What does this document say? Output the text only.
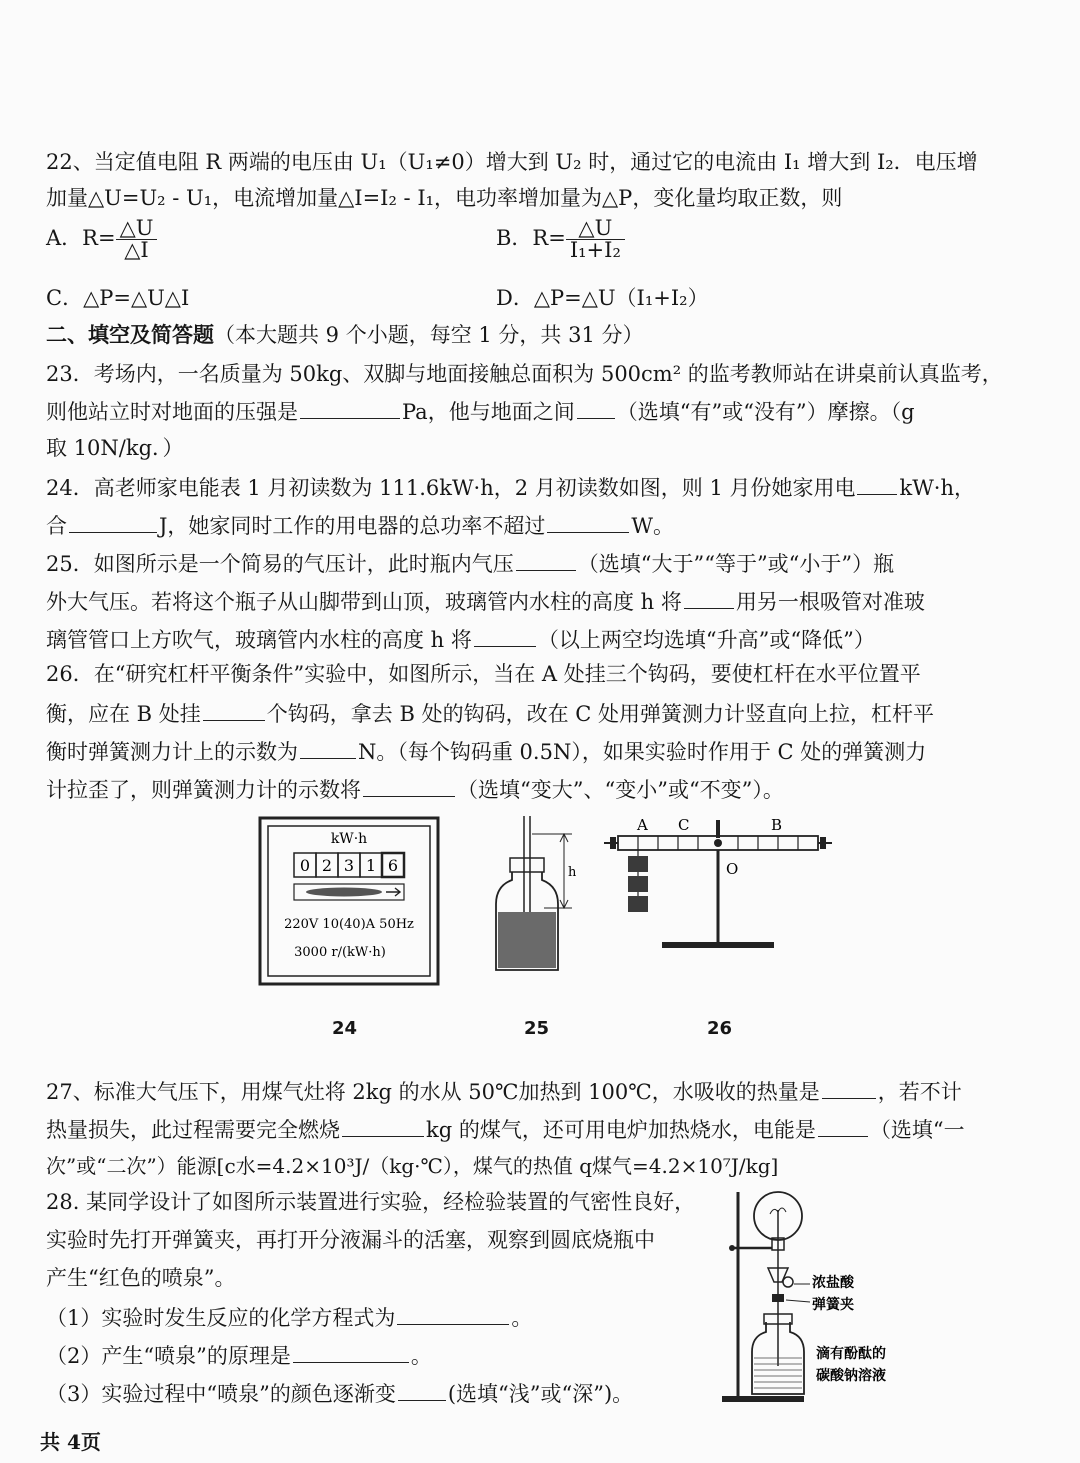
22、当定值电阻 R 两端的电压由 U₁（U₁≠0）增大到 U₂ 时，通过它的电流由 I₁ 增大到 I₂．电压增
加量△U=U₂ - U₁，电流增加量△I=I₂ - I₁，电功率增加量为△P，变化量均取正数，则
A．$R= \frac{\triangle U}{\triangle I}$	B．$R= \frac{\triangle U}{\text{I₁+I₂}}$
C．△P=△U△I	D．△P=△U（I₁+I₂）
二、填空及简答题（本大题共 9 个小题，每空 1 分，共 31 分）
23．考场内，一名质量为 50kg、双脚与地面接触总面积为 500cm² 的监考教师站在讲桌前认真监考，
则他站立时对地面的压强是	Pa，他与地面之间 （选填“有”或“没有”）摩擦。（g
取 10N/kg．）
24．高老师家电能表 1 月初读数为 111.6kW·h，2 月初读数如图，则 1 月份她家用电 kW·h，
合	J，她家同时工作的用电器的总功率不超过	W。
25．如图所示是一个简易的气压计，此时瓶内气压	（选填“大于”“等于”或“小于”）瓶
外大气压。若将这个瓶子从山脚带到山顶，玻璃管内水柱的高度 h 将	用另一根吸管对准玻
璃管管口上方吹气，玻璃管内水柱的高度 h 将	（以上两空均选填“升高”或“降低”）
26．在“研究杠杆平衡条件”实验中，如图所示，当在 A 处挂三个钩码，要使杠杆在水平位置平
衡，应在 B 处挂	个钩码，拿去 B 处的钩码，改在 C 处用弹簧测力计竖直向上拉，杠杆平
衡时弹簧测力计上的示数为	N。（每个钩码重 0.5N），如果实验时作用于 C 处的弹簧测力
计拉歪了，则弹簧测力计的示数将	（选填“变大”、“变小”或“不变”）。
kW·h
0 2 3 1 6
220V 10(40)A 50Hz
3000 r/(kW·h)
h
A C	B
O
24	25	26
27、标准大气压下，用煤气灶将 2kg 的水从 50℃加热到 100℃，水吸收的热量是	，若不计
热量损失，此过程需要完全燃烧	kg 的煤气，还可用电炉加热烧水，电能是	（选填“一
次”或“二次”）能源[c水=4.2×10³J/（kg·℃），煤气的热值 q煤气=4.2×10⁷J/kg]
28. 某同学设计了如图所示装置进行实验，经检验装置的气密性良好，
实验时先打开弹簧夹，再打开分液漏斗的活塞，观察到圆底烧瓶中
产生“红色的喷泉”。
（1）实验时发生反应的化学方程式为	。
（2）产生“喷泉”的原理是	。
（3）实验过程中“喷泉”的颜色逐渐变 (选填“浅”或“深”)。
浓盐酸
弹簧夹
滴有酚酞的
碳酸钠溶液
共 4页
